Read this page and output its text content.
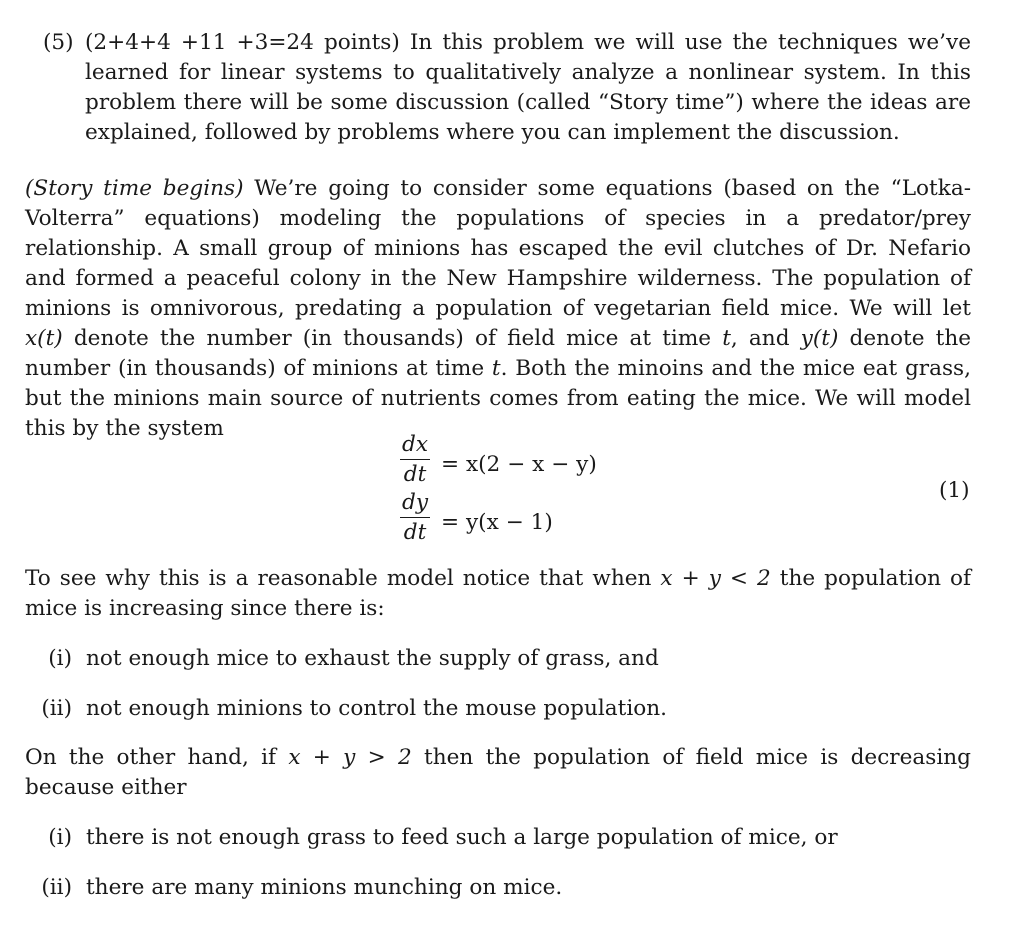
(5) (2+4+4 +11 +3=24 points) In this problem we will use the techniques we’ve learned for linear systems to qualitatively analyze a nonlinear system. In this problem there will be some discussion (called “Story time”) where the ideas are explained, followed by problems where you can implement the discussion.
(Story time begins) We’re going to consider some equations (based on the “Lotka-Volterra” equations) modeling the populations of species in a predator/prey relationship. A small group of minions has escaped the evil clutches of Dr. Nefario and formed a peaceful colony in the New Hampshire wilderness. The population of minions is omnivorous, predating a population of vegetarian field mice. We will let x(t) denote the number (in thousands) of field mice at time t, and y(t) denote the number (in thousands) of minions at time t. Both the minoins and the mice eat grass, but the minions main source of nutrients comes from eating the mice. We will model this by the system
dx
dt = x(2 − x − y)
dy
dt = y(x − 1)
(1)
To see why this is a reasonable model notice that when x + y < 2 the population of mice is increasing since there is:
(i) not enough mice to exhaust the supply of grass, and
(ii) not enough minions to control the mouse population.
On the other hand, if x + y > 2 then the population of field mice is decreasing because either
(i) there is not enough grass to feed such a large population of mice, or
(ii) there are many minions munching on mice.
